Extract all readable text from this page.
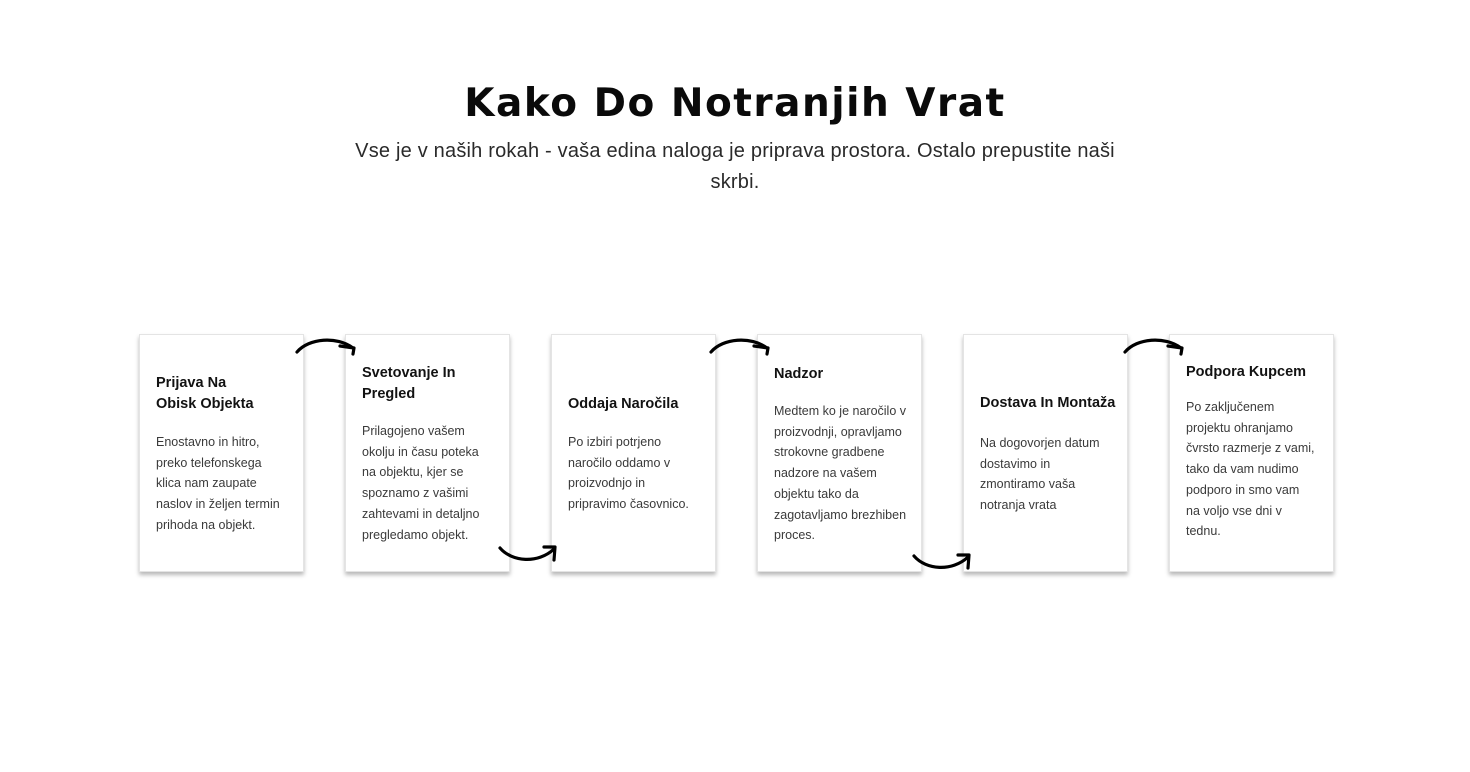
Kako Do Notranjih Vrat

Vse je v naših rokah - vaša edina naloga je priprava prostora. Ostalo prepustite naši skrbi.

Prijava Na
Obisk Objekta

Enostavno in hitro,
preko telefonskega
klica nam zaupate
naslov in željen termin
prihoda na objekt.

Svetovanje In
Pregled

Prilagojeno vašem
okolju in času poteka
na objektu, kjer se
spoznamo z vašimi
zahtevami in detaljno
pregledamo objekt.

Oddaja Naročila

Po izbiri potrjeno
naročilo oddamo v
proizvodnjo in
pripravimo časovnico.

Nadzor

Medtem ko je naročilo v
proizvodnji, opravljamo
strokovne gradbene
nadzore na vašem
objektu tako da
zagotavljamo brezhiben
proces.

Dostava In Montaža

Na dogovorjen datum
dostavimo in
zmontiramo vaša
notranja vrata

Podpora Kupcem

Po zaključenem
projektu ohranjamo
čvrsto razmerje z vami,
tako da vam nudimo
podporo in smo vam
na voljo vse dni v
tednu.
